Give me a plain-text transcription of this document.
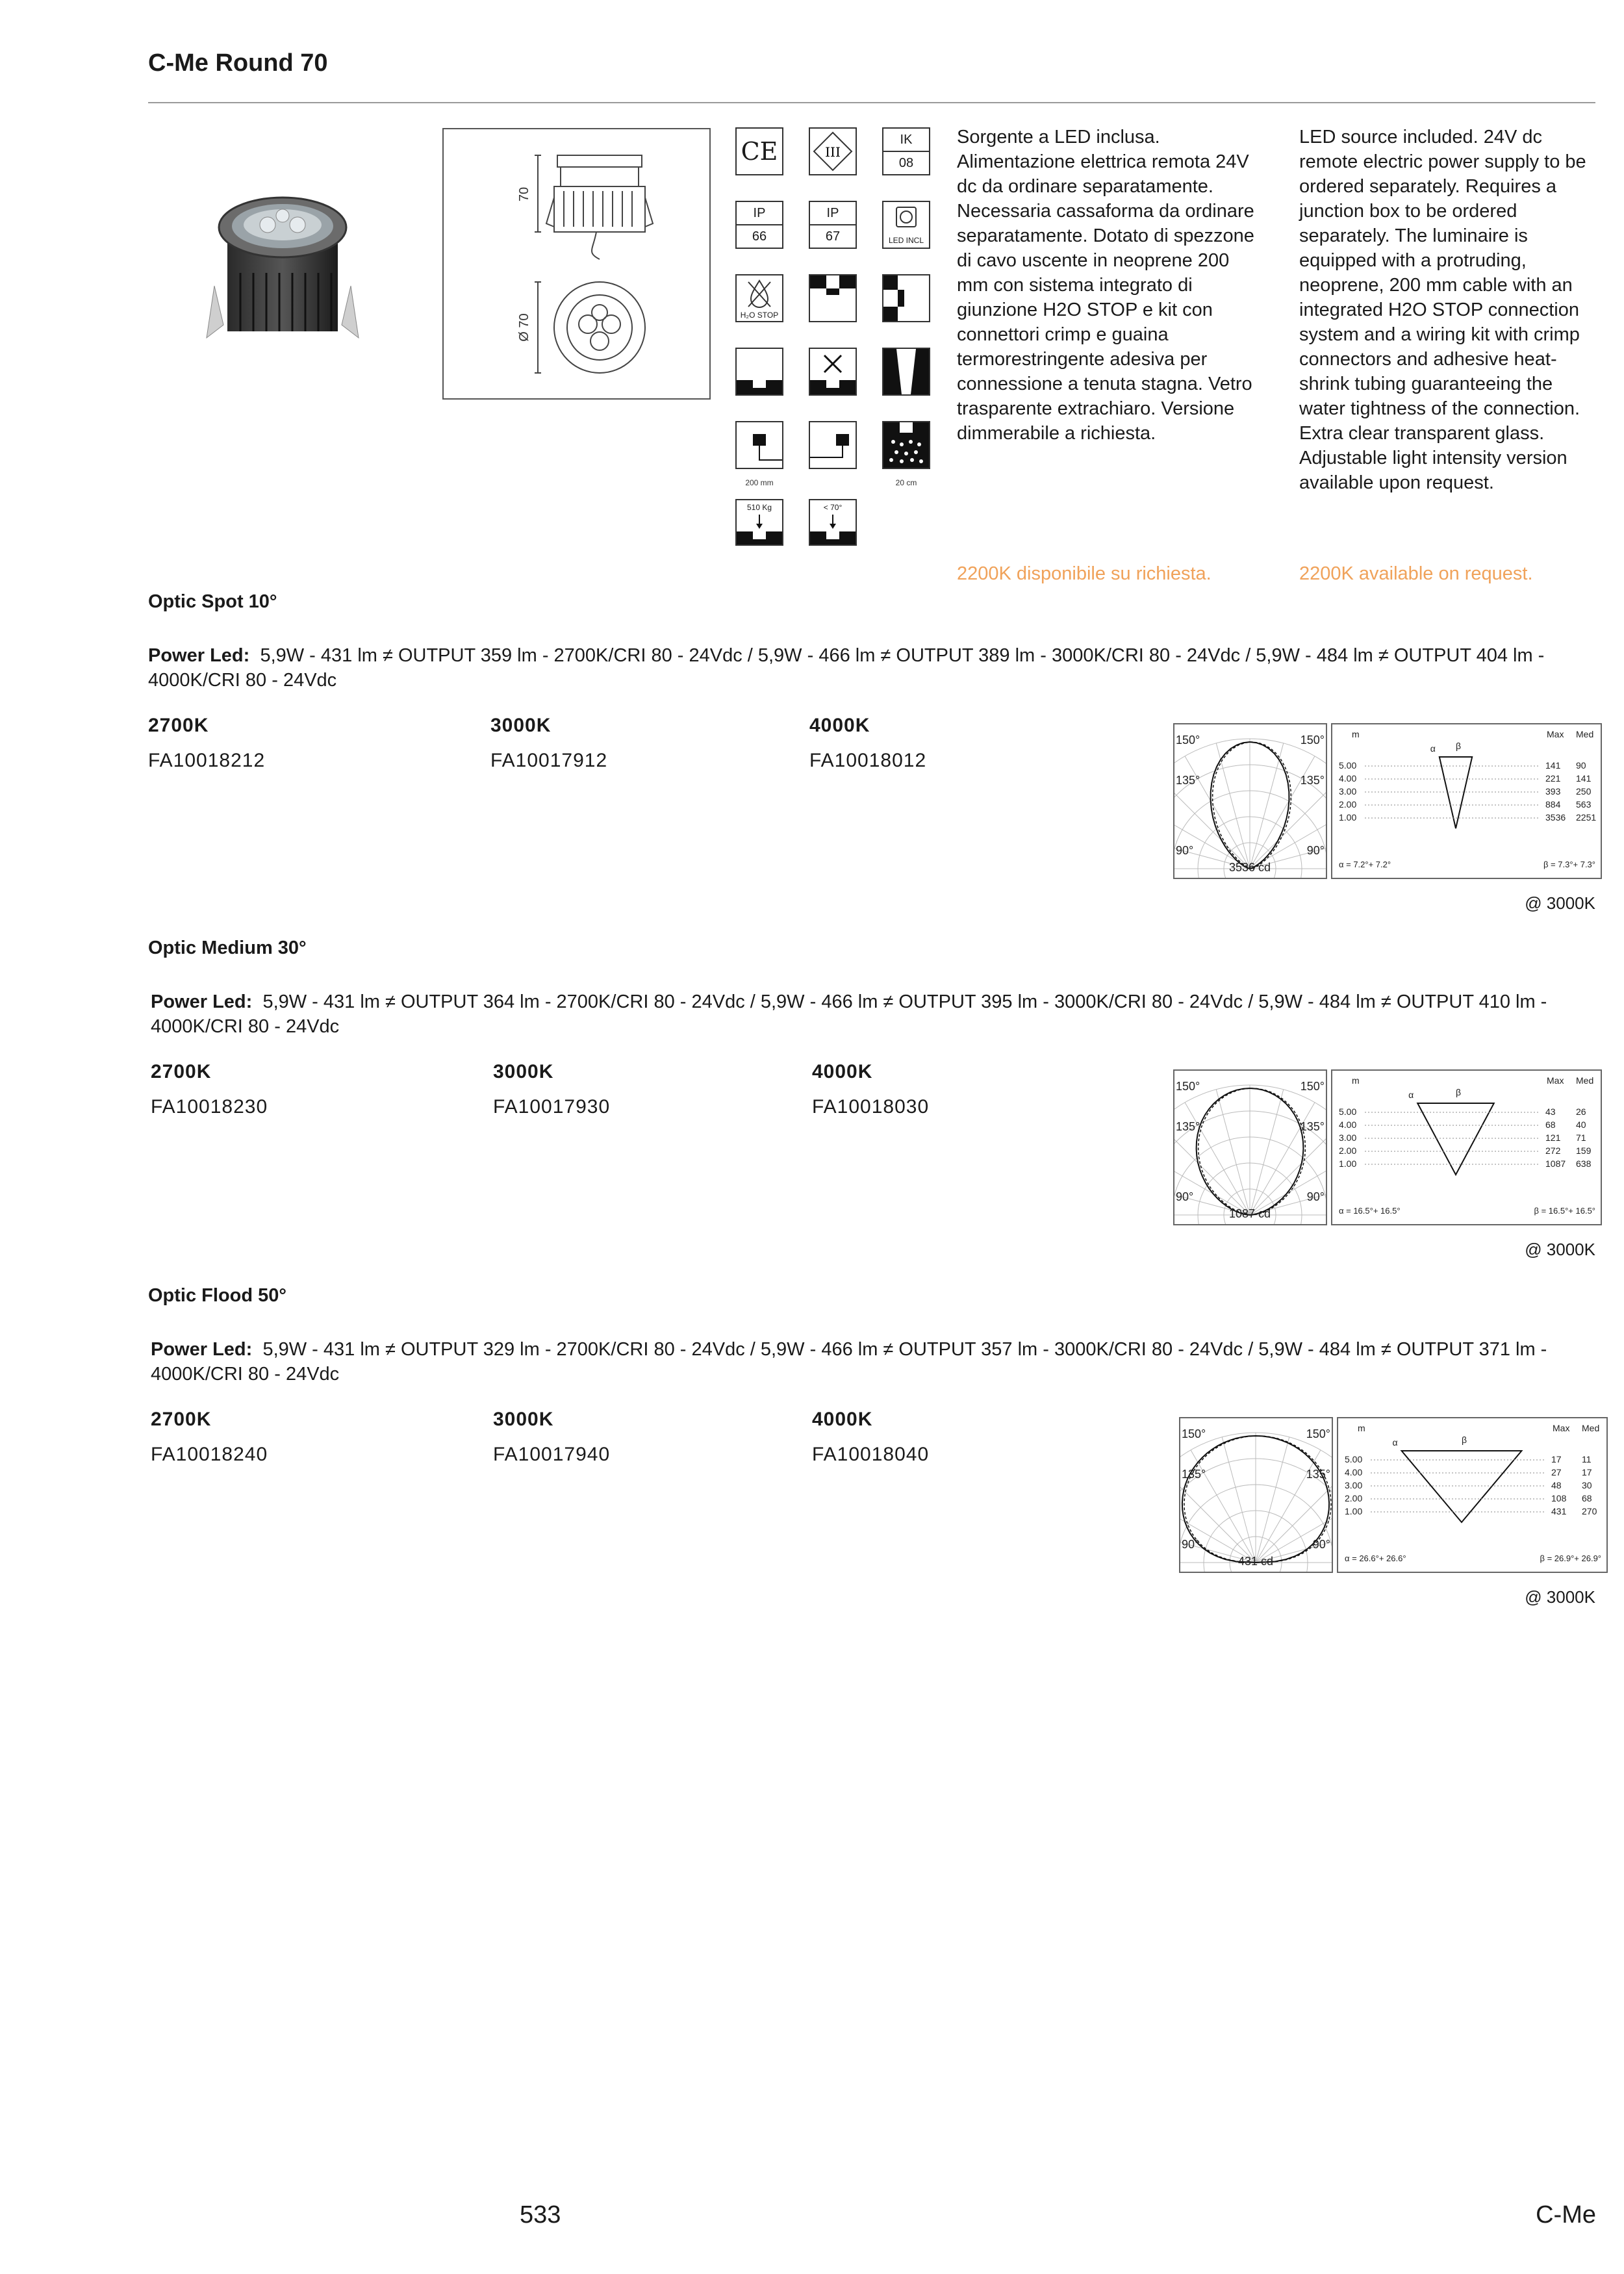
C-Me Round 70
70
Ø 70
CE	III
IK
08
IP
66
IP
67	LED INCL
H₂O STOP
200 mm	20 cm
510 Kg	< 70°
Sorgente a LED inclusa. Alimentazione elettrica remota 24V dc da ordinare separatamente. Necessaria cassaforma da ordinare separatamente. Dotato di spezzone di cavo uscente in neoprene 200 mm con sistema integrato di giunzione H2O STOP e kit con connettori crimp e guaina termorestringente adesiva per connessione a tenuta stagna. Vetro trasparente extrachiaro. Versione dimmerabile a richiesta.
LED source included. 24V dc remote electric power supply to be ordered separately. Requires a junction box to be ordered separately. The luminaire is equipped with a protruding, neoprene, 200 mm cable with an integrated H2O STOP connection system and a wiring kit with crimp connectors and adhesive heat-shrink tubing guaranteeing the water tightness of the connection. Extra clear transparent glass. Adjustable light intensity version available upon request.
2200K disponibile su richiesta.	2200K available on request.
Optic Spot 10°
Power Led: 5,9W - 431 lm ≠ OUTPUT 359 lm - 2700K/CRI 80 - 24Vdc / 5,9W - 466 lm ≠ OUTPUT 389 lm - 3000K/CRI 80 - 24Vdc / 5,9W - 484 lm ≠ OUTPUT 404 lm - 4000K/CRI 80 - 24Vdc
2700K
FA10018212
3000K
FA10017912
4000K
FA10018012
150°	150°
135°	135°
90°	90°
3536 cd
m	Max Med
α β
5.00	141 90
4.00	221 141
3.00	393 250
2.00	884 563
1.00	3536 2251
α = 7.2°+ 7.2°	β = 7.3°+ 7.3°
@ 3000K
Optic Medium 30°
Power Led: 5,9W - 431 lm ≠ OUTPUT 364 lm - 2700K/CRI 80 - 24Vdc / 5,9W - 466 lm ≠ OUTPUT 395 lm - 3000K/CRI 80 - 24Vdc / 5,9W - 484 lm ≠ OUTPUT 410 lm - 4000K/CRI 80 - 24Vdc
2700K
FA10018230
3000K
FA10017930
4000K
FA10018030
150°	150°
135°	135°
90°	90°
1087 cd
m	Max Med
α	β
5.00	43 26
4.00	68 40
3.00	121 71
2.00	272 159
1.00	1087 638
α = 16.5°+ 16.5°	β = 16.5°+ 16.5°
@ 3000K
Optic Flood 50°
Power Led: 5,9W - 431 lm ≠ OUTPUT 329 lm - 2700K/CRI 80 - 24Vdc / 5,9W - 466 lm ≠ OUTPUT 357 lm - 3000K/CRI 80 - 24Vdc / 5,9W - 484 lm ≠ OUTPUT 371 lm - 4000K/CRI 80 - 24Vdc
2700K
FA10018240
3000K
FA10017940
4000K
FA10018040
150°	150°
135°	135°
90°	90°
431 cd
m	Max Med
α	β
5.00	17 11
4.00	27 17
3.00	48 30
2.00	108 68
1.00	431 270
α = 26.6°+ 26.6°	β = 26.9°+ 26.9°
@ 3000K
533	C-Me
